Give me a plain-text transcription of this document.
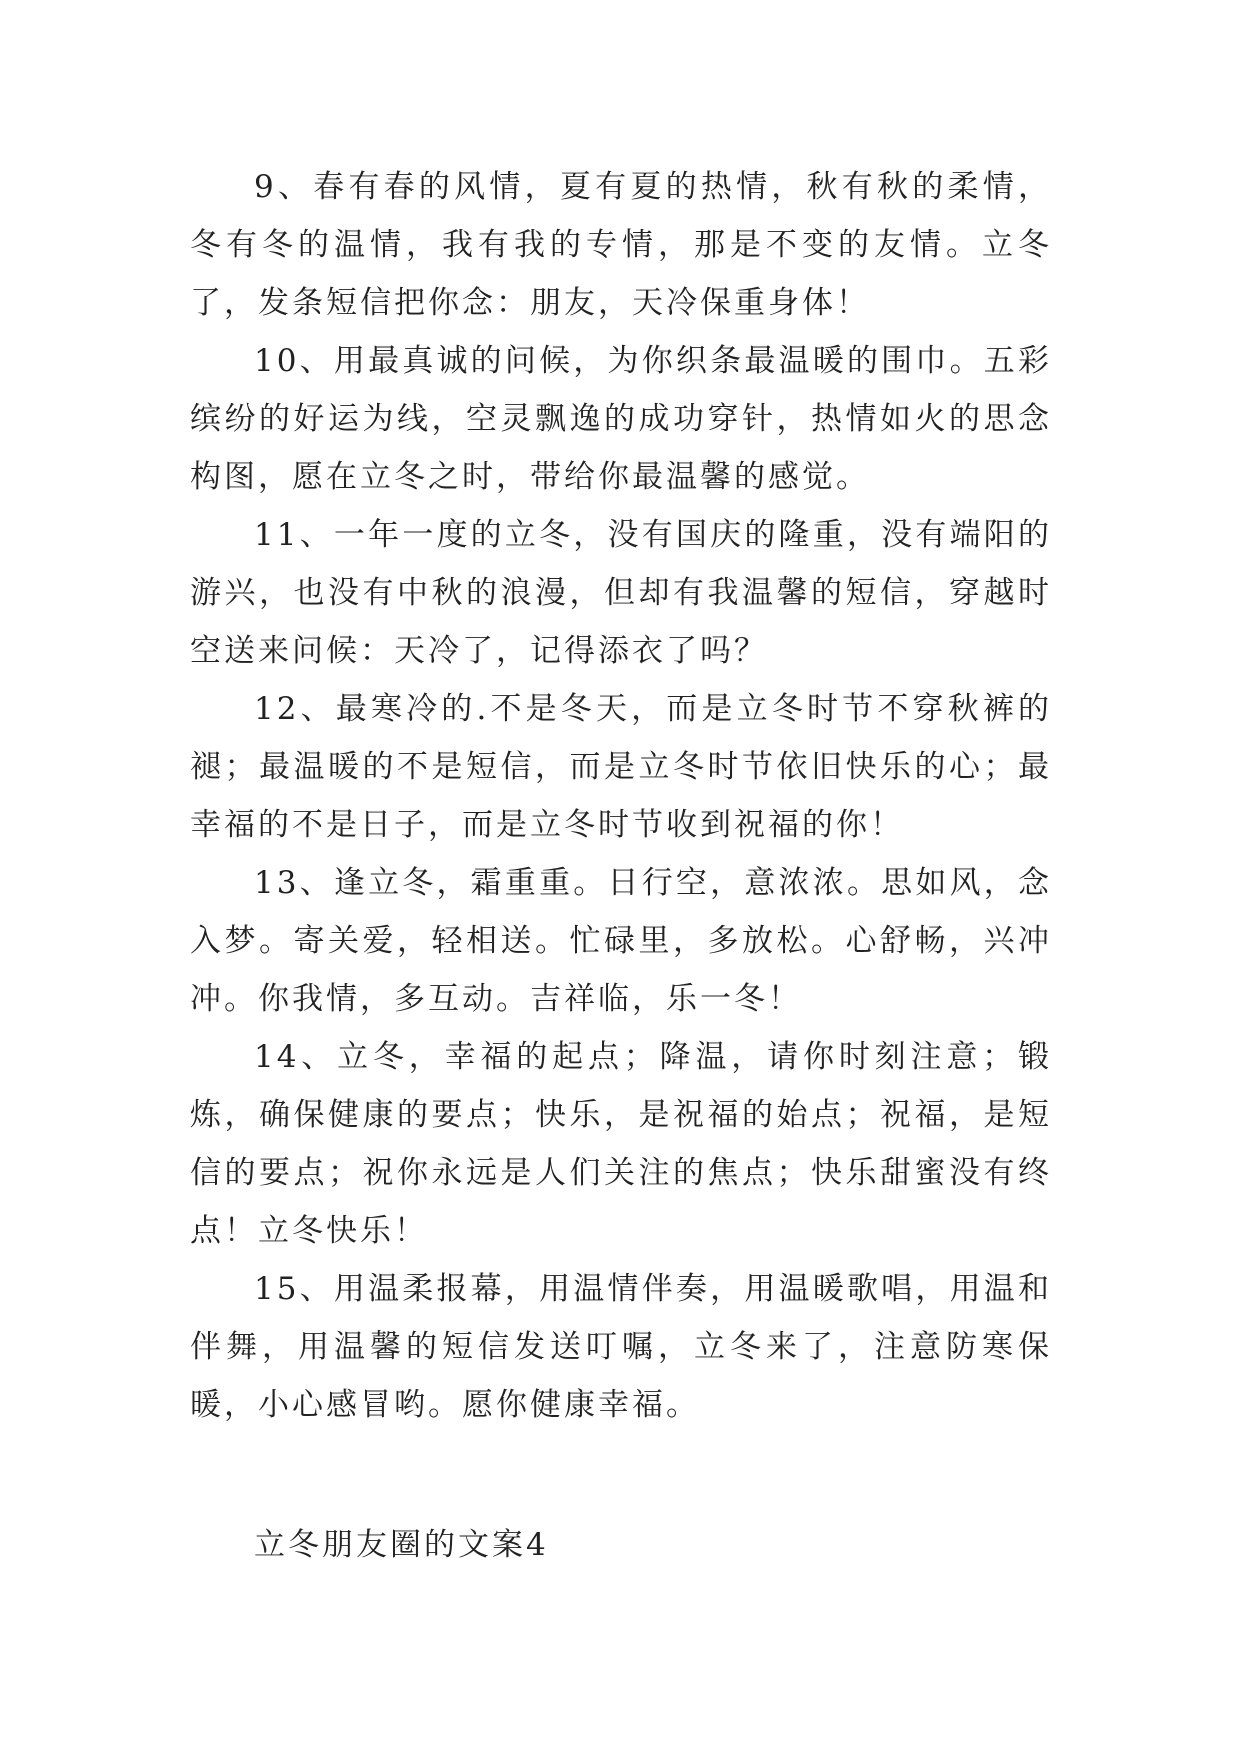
9、春有春的风情，夏有夏的热情，秋有秋的柔情，冬有冬的温情，我有我的专情，那是不变的友情。立冬了，发条短信把你念：朋友，天冷保重身体！

10、用最真诚的问候，为你织条最温暖的围巾。五彩缤纷的好运为线，空灵飘逸的成功穿针，热情如火的思念构图，愿在立冬之时，带给你最温馨的感觉。

11、一年一度的立冬，没有国庆的隆重，没有端阳的游兴，也没有中秋的浪漫，但却有我温馨的短信，穿越时空送来问候：天冷了，记得添衣了吗？

12、最寒冷的.不是冬天，而是立冬时节不穿秋裤的褪；最温暖的不是短信，而是立冬时节依旧快乐的心；最幸福的不是日子，而是立冬时节收到祝福的你！

13、逢立冬，霜重重。日行空，意浓浓。思如风，念入梦。寄关爱，轻相送。忙碌里，多放松。心舒畅，兴冲冲。你我情，多互动。吉祥临，乐一冬！

14、立冬，幸福的起点；降温，请你时刻注意；锻炼，确保健康的要点；快乐，是祝福的始点；祝福，是短信的要点；祝你永远是人们关注的焦点；快乐甜蜜没有终点！立冬快乐！

15、用温柔报幕，用温情伴奏，用温暖歌唱，用温和伴舞，用温馨的短信发送叮嘱，立冬来了，注意防寒保暖，小心感冒哟。愿你健康幸福。

立冬朋友圈的文案4
